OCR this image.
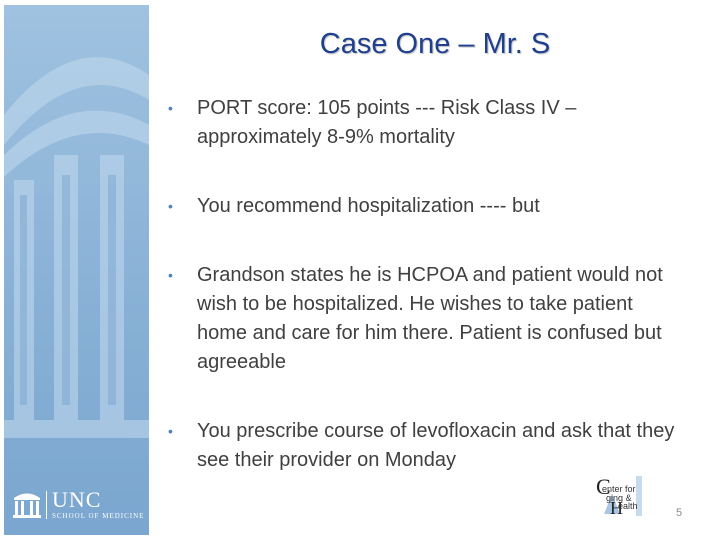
UNC
SCHOOL OF MEDICINE
Case One – Mr. S
• PORT score: 105 points --- Risk Class IV – approximately 8-9% mortality
• You recommend hospitalization ---- but
• Grandson states he is HCPOA and patient would not wish to be hospitalized. He wishes to take patient home and care for him there. Patient is confused but agreeable
• You prescribe course of levofloxacin and ask that they see their provider on Monday
C
H
enter for
ging &
ealth
5
